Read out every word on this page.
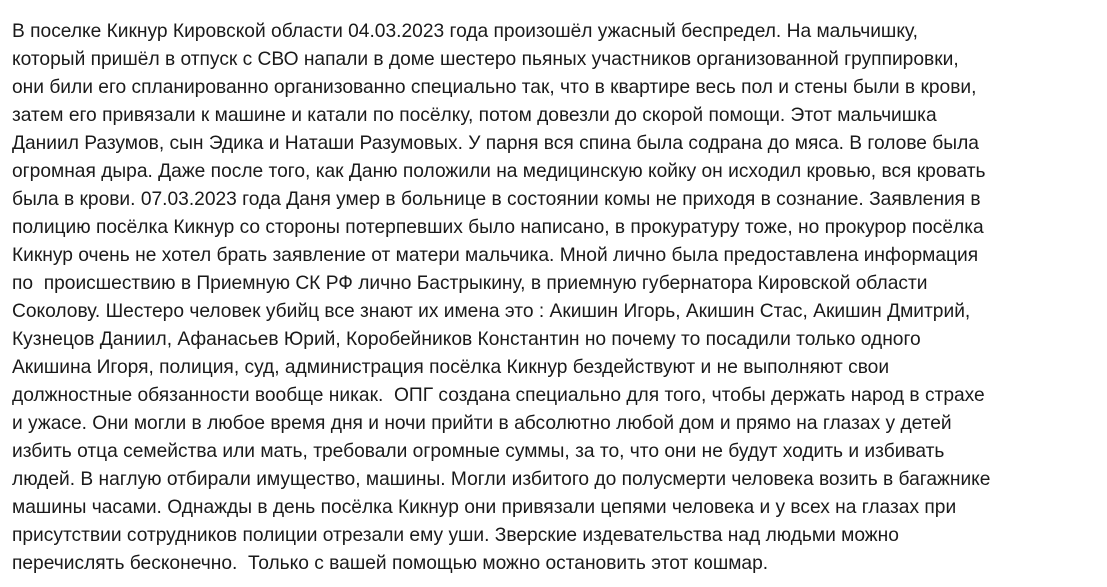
В поселке Кикнур Кировской области 04.03.2023 года произошёл ужасный беспредел. На мальчишку,
который пришёл в отпуск с СВО напали в доме шестеро пьяных участников организованной группировки,
они били его спланированно организованно специально так, что в квартире весь пол и стены были в крови,
затем его привязали к машине и катали по посёлку, потом довезли до скорой помощи. Этот мальчишка
Даниил Разумов, сын Эдика и Наташи Разумовых. У парня вся спина была содрана до мяса. В голове была
огромная дыра. Даже после того, как Даню положили на медицинскую койку он исходил кровью, вся кровать
была в крови. 07.03.2023 года Даня умер в больнице в состоянии комы не приходя в сознание. Заявления в
полицию посёлка Кикнур со стороны потерпевших было написано, в прокуратуру тоже, но прокурор посёлка
Кикнур очень не хотел брать заявление от матери мальчика. Мной лично была предоставлена информация
по  происшествию в Приемную СК РФ лично Бастрыкину, в приемную губернатора Кировской области
Соколову. Шестеро человек убийц все знают их имена это : Акишин Игорь, Акишин Стас, Акишин Дмитрий,
Кузнецов Даниил, Афанасьев Юрий, Коробейников Константин но почему то посадили только одного
Акишина Игоря, полиция, суд, администрация посёлка Кикнур бездействуют и не выполняют свои
должностные обязанности вообще никак.  ОПГ создана специально для того, чтобы держать народ в страхе
и ужасе. Они могли в любое время дня и ночи прийти в абсолютно любой дом и прямо на глазах у детей
избить отца семейства или мать, требовали огромные суммы, за то, что они не будут ходить и избивать
людей. В наглую отбирали имущество, машины. Могли избитого до полусмерти человека возить в багажнике
машины часами. Однажды в день посёлка Кикнур они привязали цепями человека и у всех на глазах при
присутствии сотрудников полиции отрезали ему уши. Зверские издевательства над людьми можно
перечислять бесконечно.  Только с вашей помощью можно остановить этот кошмар.
